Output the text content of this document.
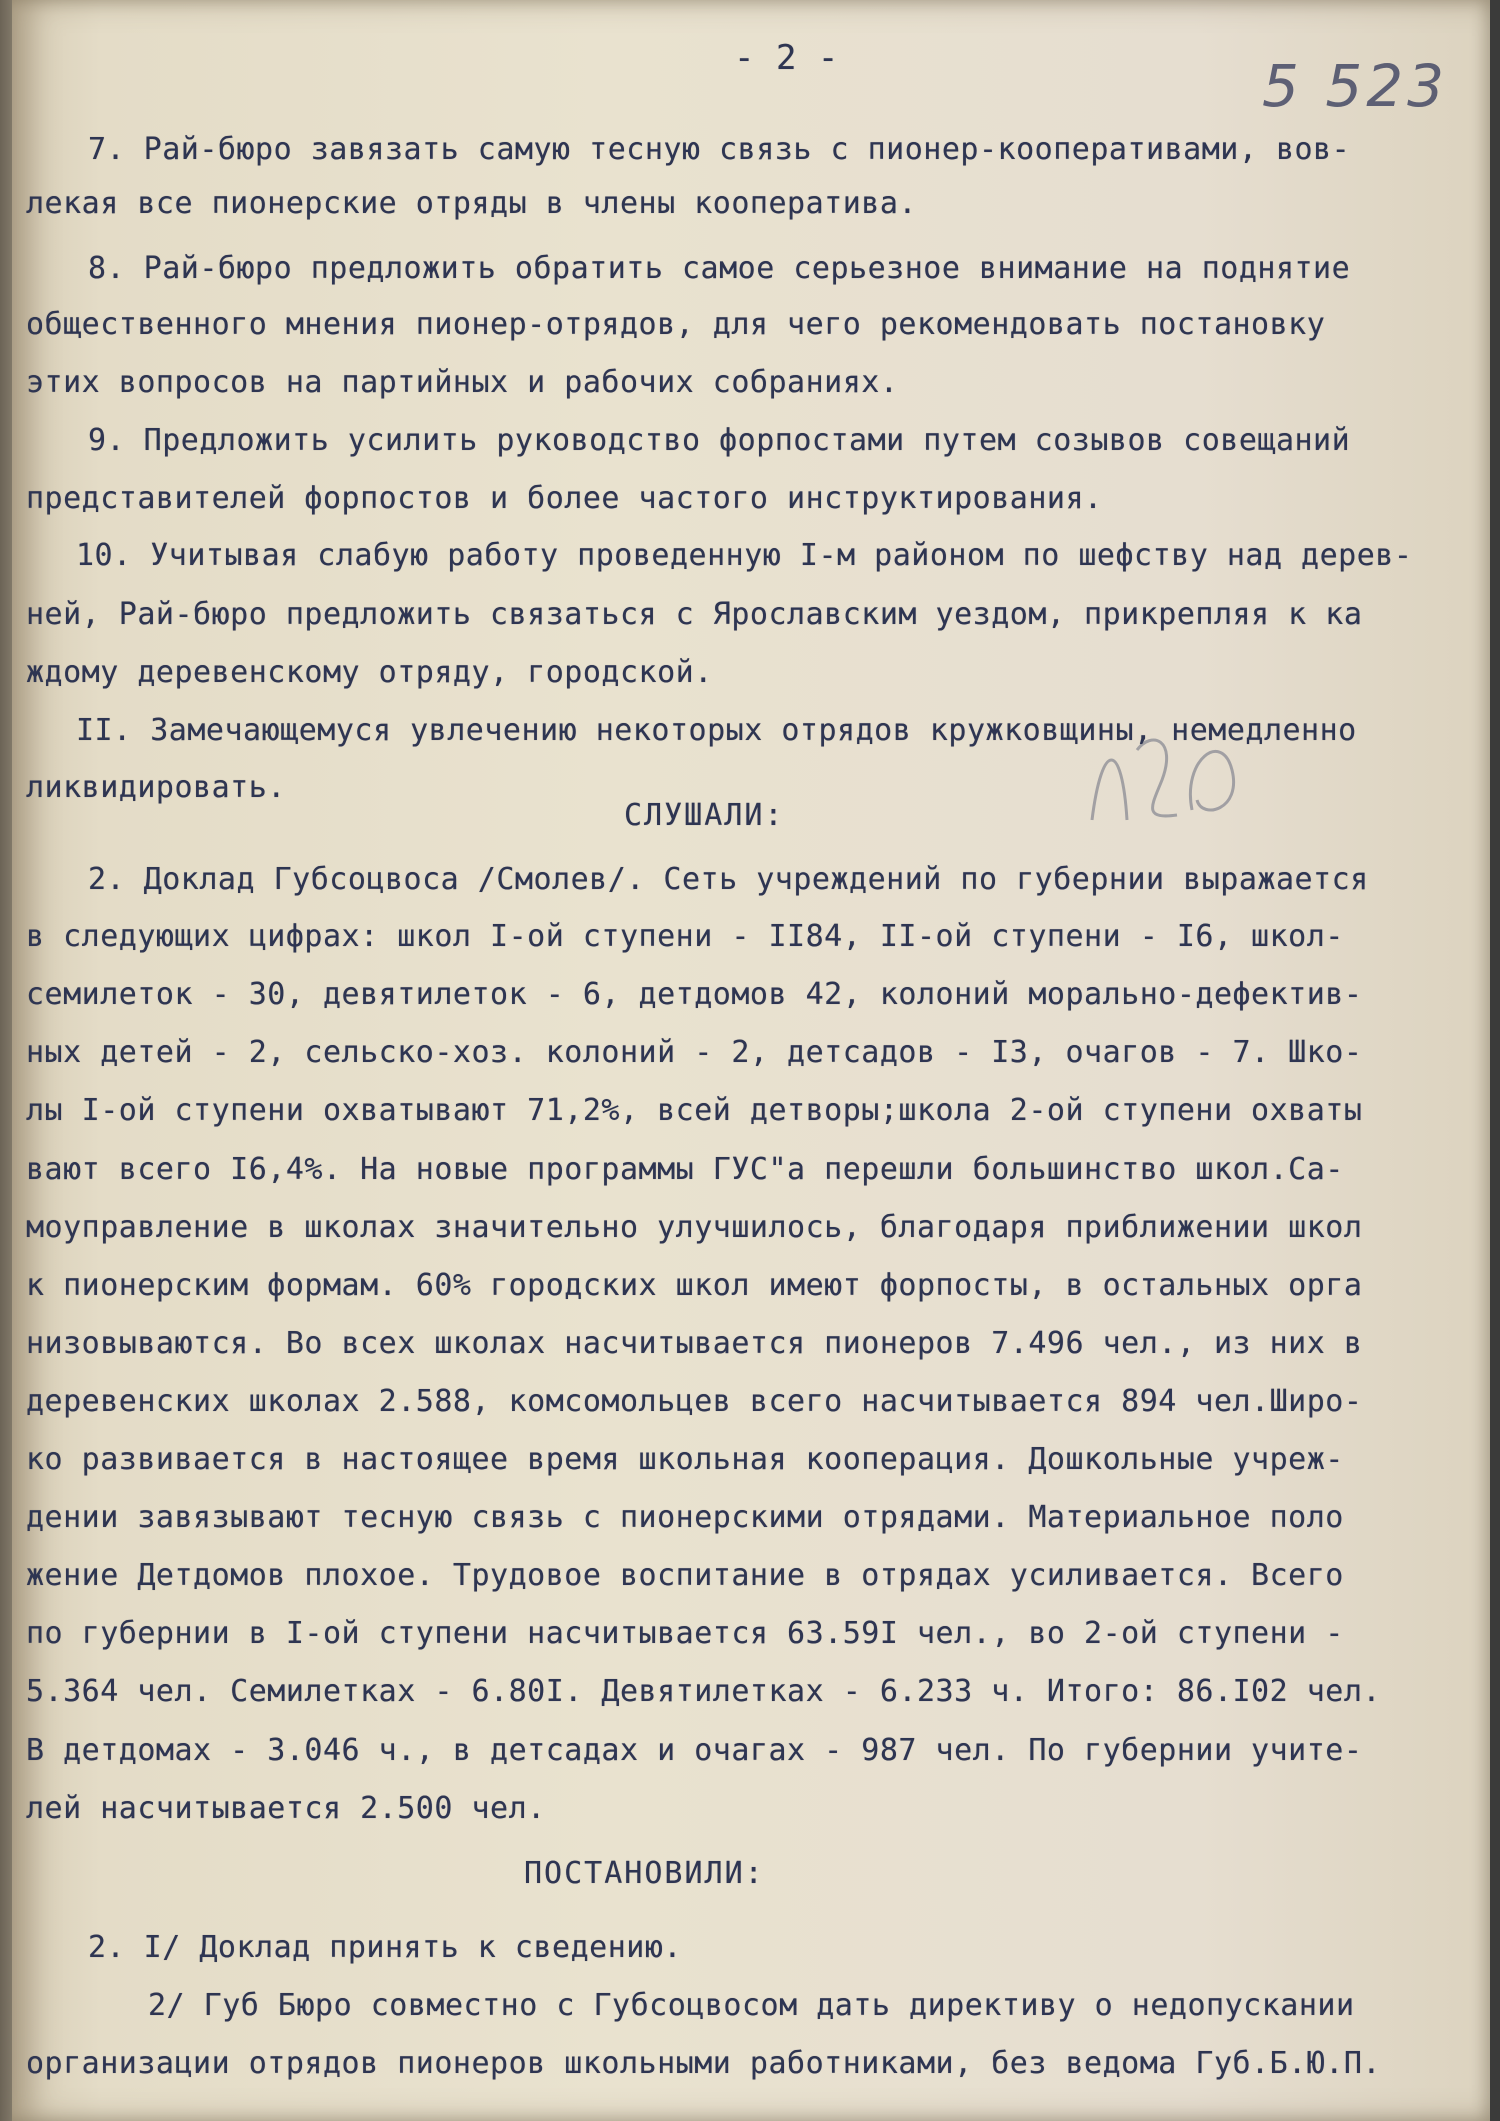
- 2 -	5 523
7. Рай-бюро завязать самую тесную связь с пионер-кооперативами, вов-
лекая все пионерские отряды в члены кооператива.
8. Рай-бюро предложить обратить самое серьезное внимание на поднятие
общественного мнения пионер-отрядов, для чего рекомендовать постановку
этих вопросов на партийных и рабочих собраниях.
9. Предложить усилить руководство форпостами путем созывов совещаний
представителей форпостов и более частого инструктирования.
10. Учитывая слабую работу проведенную I-м районом по шефству над дерев-
ней, Рай-бюро предложить связаться с Ярославским уездом, прикрепляя к ка
ждому деревенскому отряду, городской.
II. Замечающемуся увлечению некоторых отрядов кружковщины, немедленно
ликвидировать.
СЛУШАЛИ:
2. Доклад Губсоцвоса /Смолев/. Сеть учреждений по губернии выражается
в следующих цифрах: школ I-ой ступени - II84, II-ой ступени - I6, школ-
семилеток - 30, девятилеток - 6, детдомов 42, колоний морально-дефектив-
ных детей - 2, сельско-хоз. колоний - 2, детсадов - I3, очагов - 7. Шко-
лы I-ой ступени охватывают 71,2%, всей детворы;школа 2-ой ступени охваты
вают всего I6,4%. На новые программы ГУС"а перешли большинство школ.Са-
моуправление в школах значительно улучшилось, благодаря приближении школ
к пионерским формам. 60% городских школ имеют форпосты, в остальных орга
низовываются. Во всех школах насчитывается пионеров 7.496 чел., из них в
деревенских школах 2.588, комсомольцев всего насчитывается 894 чел.Широ-
ко развивается в настоящее время школьная кооперация. Дошкольные учреж-
дении завязывают тесную связь с пионерскими отрядами. Материальное поло
жение Детдомов плохое. Трудовое воспитание в отрядах усиливается. Всего
по губернии в I-ой ступени насчитывается 63.59I чел., во 2-ой ступени -
5.364 чел. Семилетках - 6.80I. Девятилетках - 6.233 ч. Итого: 86.I02 чел.
В детдомах - 3.046 ч., в детсадах и очагах - 987 чел. По губернии учите-
лей насчитывается 2.500 чел.
ПОСТАНОВИЛИ:
2. I/ Доклад принять к сведению.
2/ Губ Бюро совместно с Губсоцвосом дать директиву о недопускании
организации отрядов пионеров школьными работниками, без ведома Губ.Б.Ю.П.
